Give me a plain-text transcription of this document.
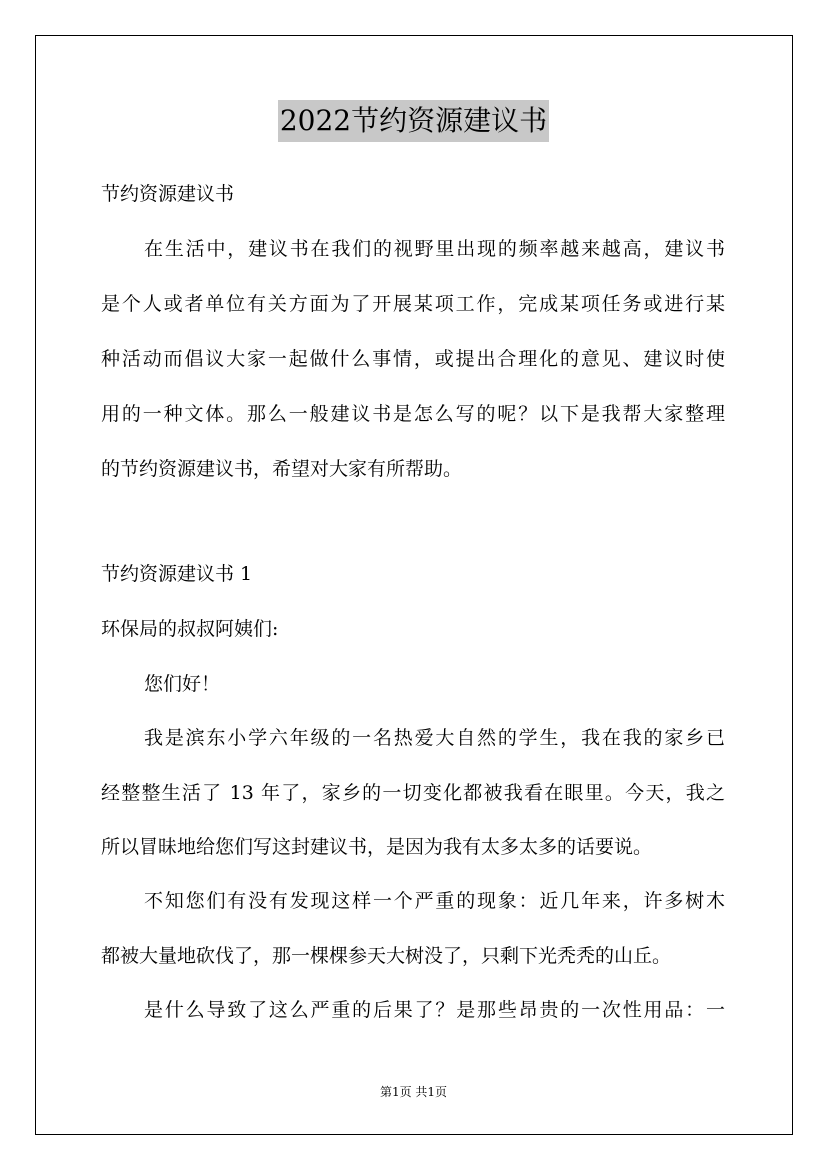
2022节约资源建议书
节约资源建议书
在生活中，建议书在我们的视野里出现的频率越来越高，建议书
是个人或者单位有关方面为了开展某项工作，完成某项任务或进行某
种活动而倡议大家一起做什么事情，或提出合理化的意见、建议时使
用的一种文体。那么一般建议书是怎么写的呢？以下是我帮大家整理
的节约资源建议书，希望对大家有所帮助。
节约资源建议书 1
环保局的叔叔阿姨们:
您们好！
我是滨东小学六年级的一名热爱大自然的学生，我在我的家乡已
经整整生活了 13 年了，家乡的一切变化都被我看在眼里。今天，我之
所以冒昧地给您们写这封建议书，是因为我有太多太多的话要说。
不知您们有没有发现这样一个严重的现象：近几年来，许多树木
都被大量地砍伐了，那一棵棵参天大树没了，只剩下光秃秃的山丘。
是什么导致了这么严重的后果了？是那些昂贵的一次性用品：一
第1页 共1页
